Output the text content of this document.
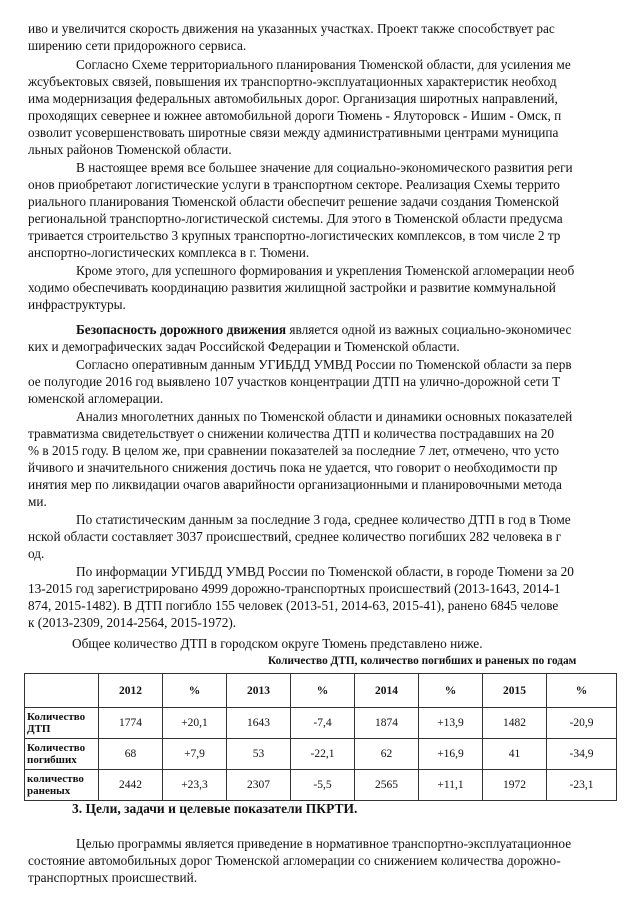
иво и увеличится скорость движения на указанных участках. Проект также способствует рас
ширению сети придорожного сервиса.
Согласно Схеме территориального планирования Тюменской области, для усиления ме
жсубъектовых связей, повышения их транспортно-эксплуатационных характеристик необход
има модернизация федеральных автомобильных дорог. Организация широтных направлений,
проходящих севернее и южнее автомобильной дороги Тюмень - Ялуторовск - Ишим - Омск, п
озволит усовершенствовать широтные связи между административными центрами муниципа
льных районов Тюменской области.
В настоящее время все большее значение для социально-экономического развития реги
онов приобретают логистические услуги в транспортном секторе. Реализация Схемы террито
риального планирования Тюменской области обеспечит решение задачи создания Тюменской
региональной транспортно-логистической системы. Для этого в Тюменской области предусма
тривается строительство 3 крупных транспортно-логистических комплексов, в том числе 2 тр
анспортно-логистических комплекса в г. Тюмени.
Кроме этого, для успешного формирования и укрепления Тюменской агломерации необ
ходимо обеспечивать координацию развития жилищной застройки и развитие коммунальной
инфраструктуры.
Безопасность дорожного движения является одной из важных социально-экономичес
ких и демографических задач Российской Федерации и Тюменской области.
Согласно оперативным данным УГИБДД УМВД России по Тюменской области за перв
ое полугодие 2016 год выявлено 107 участков концентрации ДТП на улично-дорожной сети Т
юменской агломерации.
Анализ многолетних данных по Тюменской области и динамики основных показателей
травматизма свидетельствует о снижении количества ДТП и количества пострадавших на 20
% в 2015 году. В целом же, при сравнении показателей за последние 7 лет, отмечено, что усто
йчивого и значительного снижения достичь пока не удается, что говорит о необходимости пр
инятия мер по ликвидации очагов аварийности организационными и планировочными метода
ми.
По статистическим данным за последние 3 года, среднее количество ДТП в год в Тюме
нской области составляет 3037 происшествий, среднее количество погибших 282 человека в г
од.
По информации УГИБДД УМВД России по Тюменской области, в городе Тюмени за 20
13-2015 год зарегистрировано 4999 дорожно-транспортных происшествий (2013-1643, 2014-1
874, 2015-1482). В ДТП погибло 155 человек (2013-51, 2014-63, 2015-41), ранено 6845 челове
к (2013-2309, 2014-2564, 2015-1972).
Общее количество ДТП в городском округе Тюмень представлено ниже.
Количество ДТП, количество погибших и раненых по годам
	2012	%	2013	%	2014	%	2015	%
Количество ДТП	1774	+20,1	1643	-7,4	1874	+13,9	1482	-20,9
Количество погибших	68	+7,9	53	-22,1	62	+16,9	41	-34,9
количество раненых	2442	+23,3	2307	-5,5	2565	+11,1	1972	-23,1
3. Цели, задачи и целевые показатели ПКРТИ.
Целью программы является приведение в нормативное транспортно-эксплуатационное
состояние автомобильных дорог Тюменской агломерации со снижением количества дорожно-
транспортных происшествий.
